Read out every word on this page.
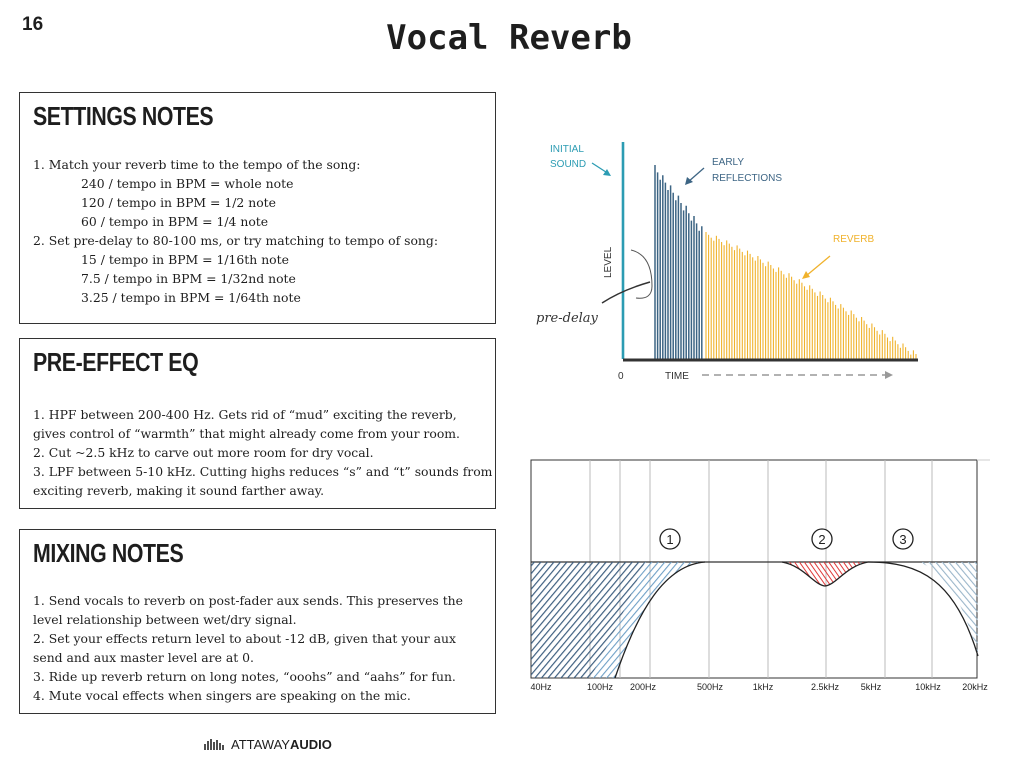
16	Vocal Reverb
SETTINGS NOTES
1. Match your reverb time to the tempo of the song:
240 / tempo in BPM = whole note
120 / tempo in BPM = 1/2 note
60 / tempo in BPM = 1/4 note
2. Set pre-delay to 80-100 ms, or try matching to tempo of song:
15 / tempo in BPM = 1/16th note
7.5 / tempo in BPM = 1/32nd note
3.25 / tempo in BPM = 1/64th note
PRE-EFFECT EQ
1. HPF between 200-400 Hz. Gets rid of “mud” exciting the reverb,
gives control of “warmth” that might already come from your room.
2. Cut ~2.5 kHz to carve out more room for dry vocal.
3. LPF between 5-10 kHz. Cutting highs reduces “s” and “t” sounds from
exciting reverb, making it sound farther away.
MIXING NOTES
1. Send vocals to reverb on post-fader aux sends. This preserves the
level relationship between wet/dry signal.
2. Set your effects return level to about -12 dB, given that your aux
send and aux master level are at 0.
3. Ride up reverb return on long notes, “ooohs” and “aahs” for fun.
4. Mute vocal effects when singers are speaking on the mic.
INITIAL
SOUND	EARLY
REFLECTIONS
REVERB
LEVEL
pre-delay
0	TIME
1	2	3
40Hz	100Hz 200Hz	500Hz	1kHz	2.5kHz 5kHz	10kHz 20kHz
ATTAWAY AUDIO
